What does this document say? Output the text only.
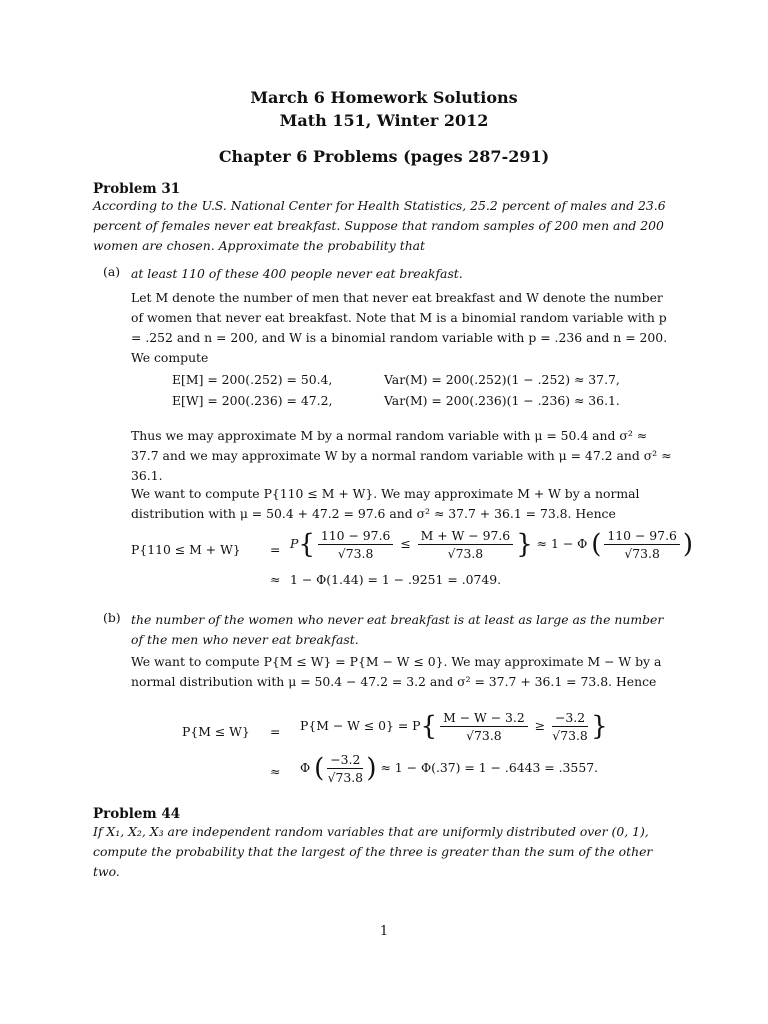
March 6 Homework Solutions
Math 151, Winter 2012
Chapter 6 Problems (pages 287-291)
Problem 31
According to the U.S. National Center for Health Statistics, 25.2 percent of males and 23.6 percent of females never eat breakfast. Suppose that random samples of 200 men and 200 women are chosen. Approximate the probability that
(a) at least 110 of these 400 people never eat breakfast.
Let M denote the number of men that never eat breakfast and W denote the number of women that never eat breakfast. Note that M is a binomial random variable with p = .252 and n = 200, and W is a binomial random variable with p = .236 and n = 200. We compute
E[M] = 200(.252) = 50.4,
E[W] = 200(.236) = 47.2,
Var(M) = 200(.252)(1 − .252) ≈ 37.7,
Var(M) = 200(.236)(1 − .236) ≈ 36.1.
Thus we may approximate M by a normal random variable with μ = 50.4 and σ² ≈ 37.7 and we may approximate W by a normal random variable with μ = 47.2 and σ² ≈ 36.1.
We want to compute P{110 ≤ M + W}. We may approximate M + W by a normal distribution with μ = 50.4 + 47.2 = 97.6 and σ² ≈ 37.7 + 36.1 = 73.8. Hence
$P\{110 \le M + W\} = P\{ \frac{110 - 97.6}{√73.8} \le \frac{M + W - 97.6}{√73.8}$ } ≈ 1 − Φ ( $\frac{110 - 97.6}{√73.8}$ )
≈ 1 − Φ(1.44) = 1 − .9251 = .0749.
(b) the number of the women who never eat breakfast is at least as large as the number of the men who never eat breakfast.
We want to compute P{M ≤ W} = P{M − W ≤ 0}. We may approximate M − W by a normal distribution with μ = 50.4 − 47.2 = 3.2 and σ² = 37.7 + 36.1 = 73.8. Hence
$P\{M \le W\} = P\{M - W \le 0\} = P\{ \frac{M - W - 3.2}{√73.8} \ge \frac{-3.2}{√73.8}$ }
≈ Φ ( $\frac{-3.2}{√73.8}$ ) ≈ 1 − Φ(.37) = 1 − .6443 = .3557.
Problem 44
If X₁, X₂, X₃ are independent random variables that are uniformly distributed over (0, 1), compute the probability that the largest of the three is greater than the sum of the other two.
1
